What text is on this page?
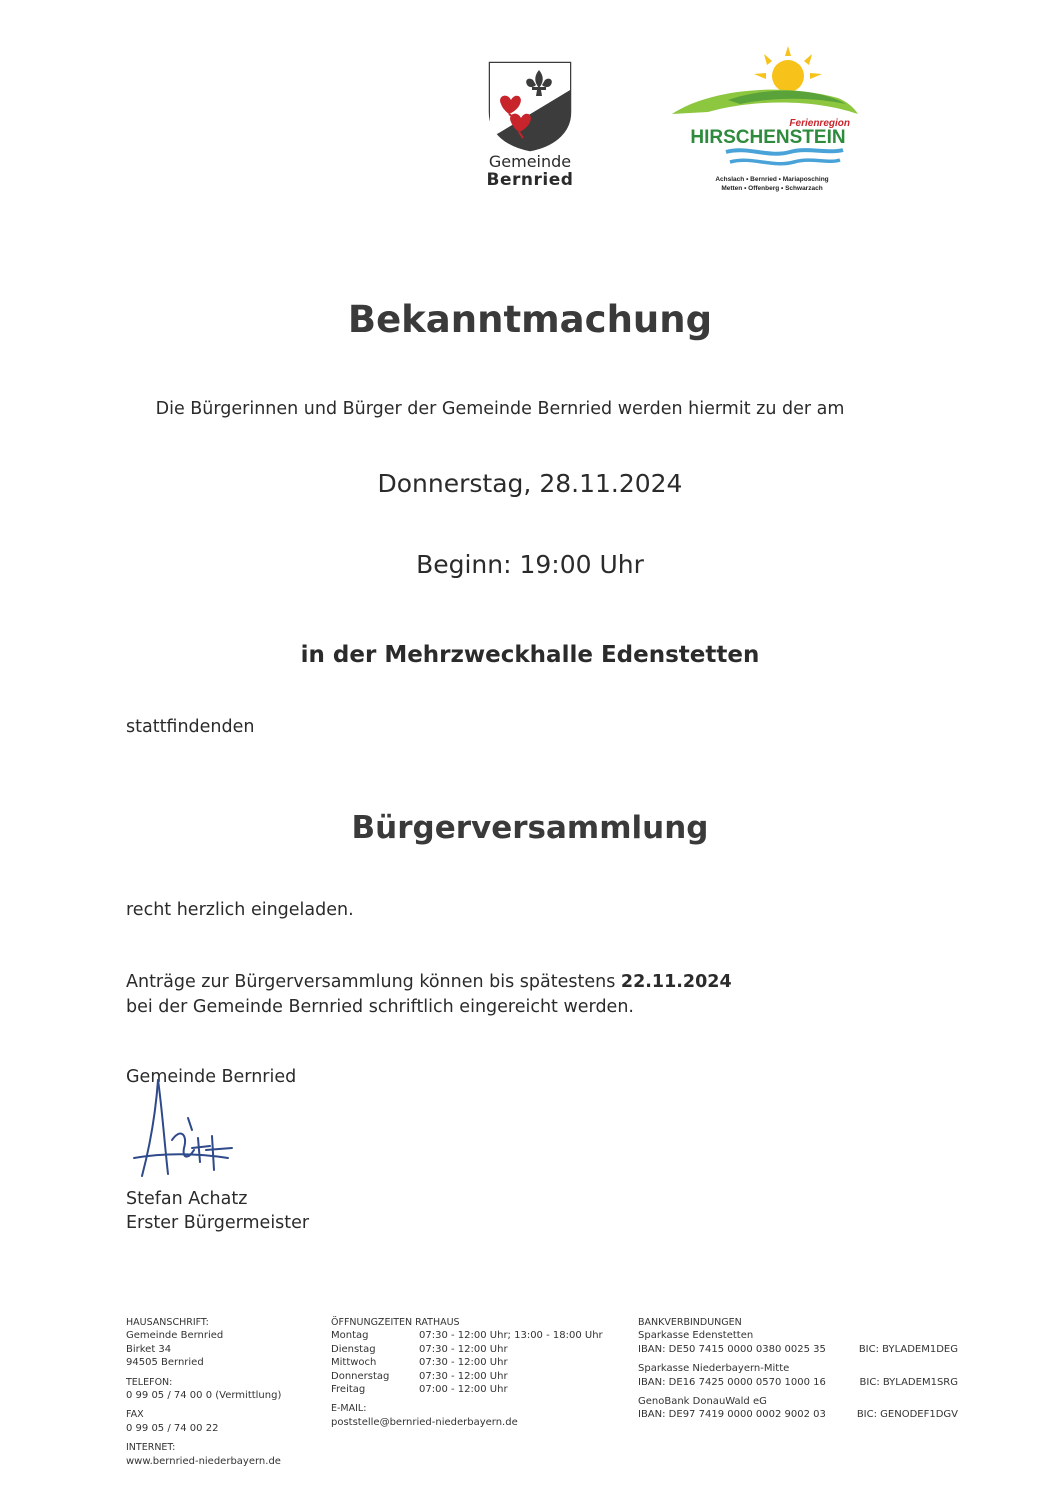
Gemeinde
Bernried
Ferienregion
HIRSCHENSTEIN
Achslach • Bernried • Mariaposching
Metten • Offenberg • Schwarzach
Bekanntmachung
Die Bürgerinnen und Bürger der Gemeinde Bernried werden hiermit zu der am
Donnerstag, 28.11.2024
Beginn: 19:00 Uhr
in der Mehrzweckhalle Edenstetten
stattfindenden
Bürgerversammlung
recht herzlich eingeladen.
Anträge zur Bürgerversammlung können bis spätestens 22.11.2024
bei der Gemeinde Bernried schriftlich eingereicht werden.
Gemeinde Bernried
Stefan Achatz
Erster Bürgermeister
HAUSANSCHRIFT:
Gemeinde Bernried
Birket 34
94505 Bernried
TELEFON:
0 99 05 / 74 00 0 (Vermittlung)
FAX
0 99 05 / 74 00 22
INTERNET:
www.bernried-niederbayern.de
ÖFFNUNGZEITEN RATHAUS
Montag	07:30 - 12:00 Uhr; 13:00 - 18:00 Uhr
Dienstag	07:30 - 12:00 Uhr
Mittwoch	07:30 - 12:00 Uhr
Donnerstag	07:30 - 12:00 Uhr
Freitag	07:00 - 12:00 Uhr
E-MAIL:
poststelle@bernried-niederbayern.de
BANKVERBINDUNGEN
Sparkasse Edenstetten
IBAN: DE50 7415 0000 0380 0025 35	BIC: BYLADEM1DEG
Sparkasse Niederbayern-Mitte
IBAN: DE16 7425 0000 0570 1000 16	BIC: BYLADEM1SRG
GenoBank DonauWald eG
IBAN: DE97 7419 0000 0002 9002 03	BIC: GENODEF1DGV
